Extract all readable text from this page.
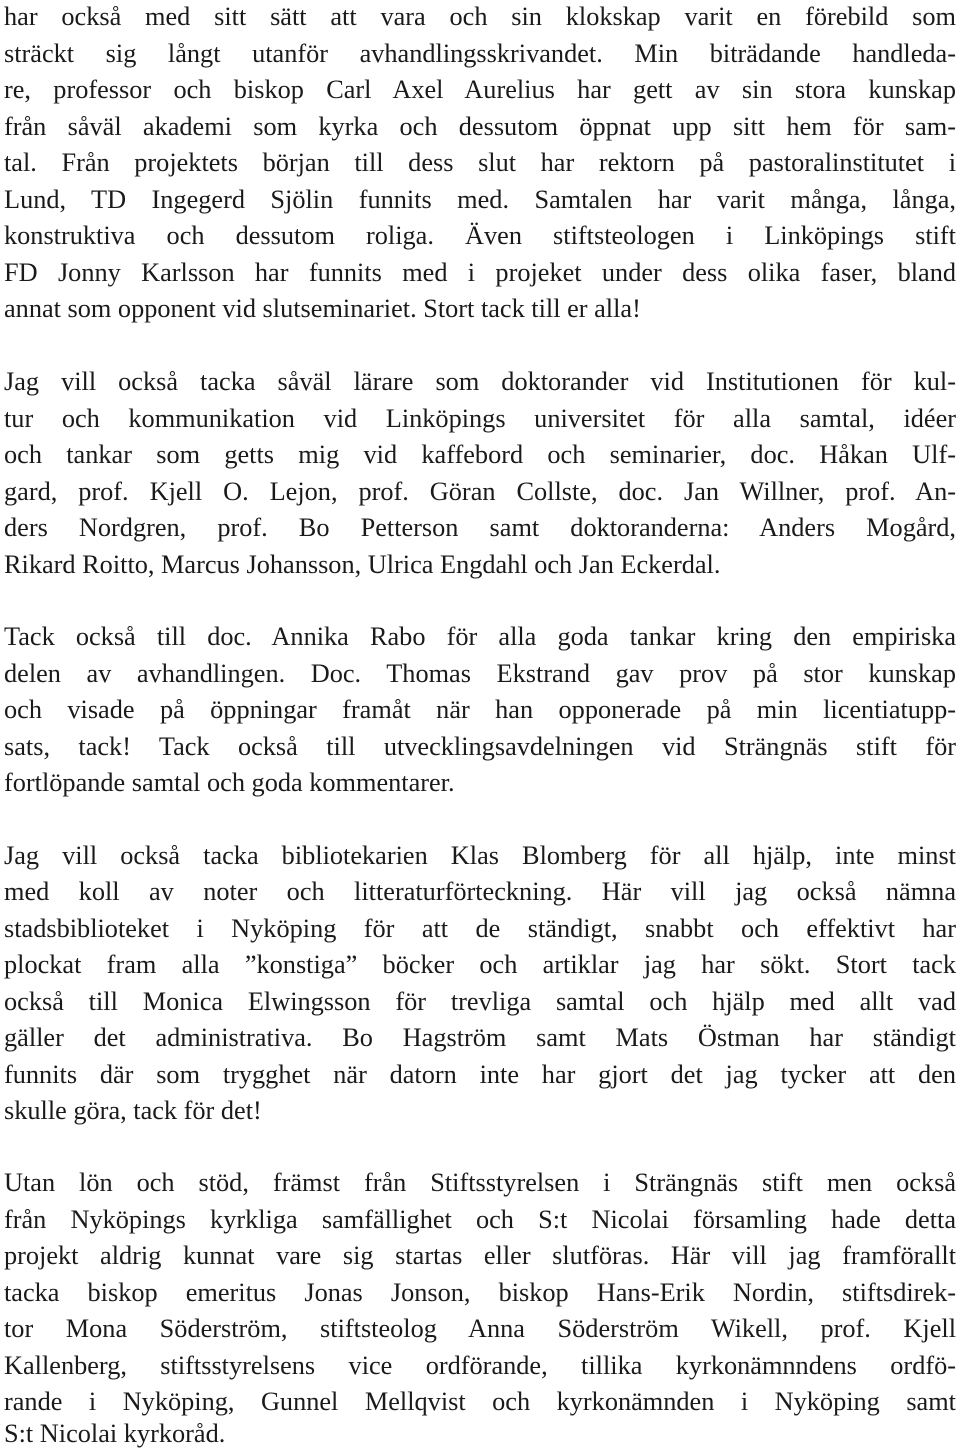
har också med sitt sätt att vara och sin klokskap varit en förebild som
sträckt sig långt utanför avhandlingsskrivandet. Min biträdande handleda-
re, professor och biskop Carl Axel Aurelius har gett av sin stora kunskap
från såväl akademi som kyrka och dessutom öppnat upp sitt hem för sam-
tal. Från projektets början till dess slut har rektorn på pastoralinstitutet i
Lund, TD Ingegerd Sjölin funnits med. Samtalen har varit många, långa,
konstruktiva och dessutom roliga. Även stiftsteologen i Linköpings stift
FD Jonny Karlsson har funnits med i projeket under dess olika faser, bland
annat som opponent vid slutseminariet. Stort tack till er alla!
Jag vill också tacka såväl lärare som doktorander vid Institutionen för kul-
tur och kommunikation vid Linköpings universitet för alla samtal, idéer
och tankar som getts mig vid kaffebord och seminarier, doc. Håkan Ulf-
gard, prof. Kjell O. Lejon, prof. Göran Collste, doc. Jan Willner, prof. An-
ders Nordgren, prof. Bo Petterson samt doktoranderna: Anders Mogård,
Rikard Roitto, Marcus Johansson, Ulrica Engdahl och Jan Eckerdal.
Tack också till doc. Annika Rabo för alla goda tankar kring den empiriska
delen av avhandlingen. Doc. Thomas Ekstrand gav prov på stor kunskap
och visade på öppningar framåt när han opponerade på min licentiatupp-
sats, tack! Tack också till utvecklingsavdelningen vid Strängnäs stift för
fortlöpande samtal och goda kommentarer.
Jag vill också tacka bibliotekarien Klas Blomberg för all hjälp, inte minst
med koll av noter och litteraturförteckning. Här vill jag också nämna
stadsbiblioteket i Nyköping för att de ständigt, snabbt och effektivt har
plockat fram alla ”konstiga” böcker och artiklar jag har sökt. Stort tack
också till Monica Elwingsson för trevliga samtal och hjälp med allt vad
gäller det administrativa. Bo Hagström samt Mats Östman har ständigt
funnits där som trygghet när datorn inte har gjort det jag tycker att den
skulle göra, tack för det!
Utan lön och stöd, främst från Stiftsstyrelsen i Strängnäs stift men också
från Nyköpings kyrkliga samfällighet och S:t Nicolai församling hade detta
projekt aldrig kunnat vare sig startas eller slutföras. Här vill jag framförallt
tacka biskop emeritus Jonas Jonson, biskop Hans-Erik Nordin, stiftsdirek-
tor Mona Söderström, stiftsteolog Anna Söderström Wikell, prof. Kjell
Kallenberg, stiftsstyrelsens vice ordförande, tillika kyrkonämnndens ordfö-
rande i Nyköping, Gunnel Mellqvist och kyrkonämnden i Nyköping samt
S:t Nicolai kyrkoråd.
